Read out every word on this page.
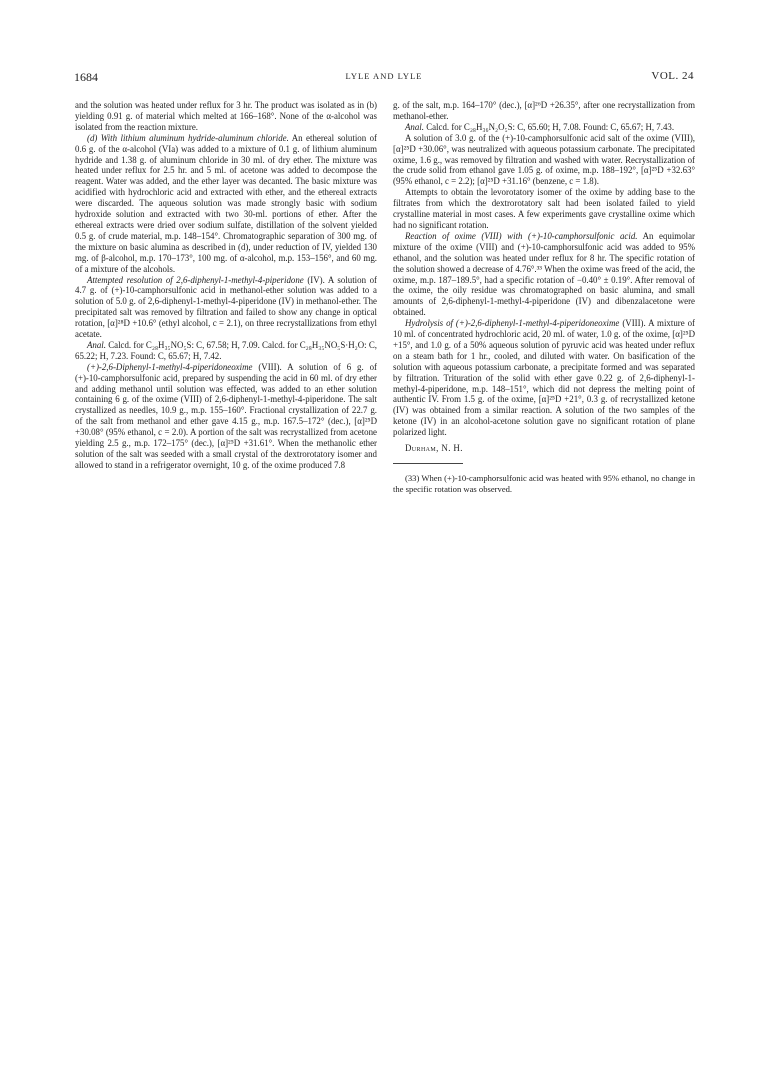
1684	LYLE AND LYLE	VOL. 24

and the solution was heated under reflux for 3 hr. The product was isolated as in (b) yielding 0.91 g. of material which melted at 166–168°. None of the α-alcohol was isolated from the reaction mixture.

(d) With lithium aluminum hydride-aluminum chloride. An ethereal solution of 0.6 g. of the α-alcohol (VIa) was added to a mixture of 0.1 g. of lithium aluminum hydride and 1.38 g. of aluminum chloride in 30 ml. of dry ether. The mixture was heated under reflux for 2.5 hr. and 5 ml. of acetone was added to decompose the reagent. Water was added, and the ether layer was decanted. The basic mixture was acidified with hydrochloric acid and extracted with ether, and the ethereal extracts were discarded. The aqueous solution was made strongly basic with sodium hydroxide solution and extracted with two 30-ml. portions of ether. After the ethereal extracts were dried over sodium sulfate, distillation of the solvent yielded 0.5 g. of crude material, m.p. 148–154°. Chromatographic separation of 300 mg. of the mixture on basic alumina as described in (d), under reduction of IV, yielded 130 mg. of β-alcohol, m.p. 170–173°, 100 mg. of α-alcohol, m.p. 153–156°, and 60 mg. of a mixture of the alcohols.

Attempted resolution of 2,6-diphenyl-1-methyl-4-piperidone (IV). A solution of 4.7 g. of (+)-10-camphorsulfonic acid in methanol-ether solution was added to a solution of 5.0 g. of 2,6-diphenyl-1-methyl-4-piperidone (IV) in methanol-ether. The precipitated salt was removed by filtration and failed to show any change in optical rotation, [α]²⁸D +10.6° (ethyl alcohol, c = 2.1), on three recrystallizations from ethyl acetate.

Anal. Calcd. for C₂₈H₃₅NO₅S: C, 67.58; H, 7.09. Calcd. for C₂₈H₃₅NO₅S·H₂O: C, 65.22; H, 7.23. Found: C, 65.67; H, 7.42.

(+)-2,6-Diphenyl-1-methyl-4-piperidoneoxime (VIII). A solution of 6 g. of (+)-10-camphorsulfonic acid, prepared by suspending the acid in 60 ml. of dry ether and adding methanol until solution was effected, was added to an ether solution containing 6 g. of the oxime (VIII) of 2,6-diphenyl-1-methyl-4-piperidone. The salt crystallized as needles, 10.9 g., m.p. 155–160°. Fractional crystallization of 22.7 g. of the salt from methanol and ether gave 4.15 g., m.p. 167.5–172° (dec.), [α]²⁵D +30.08° (95% ethanol, c = 2.0). A portion of the salt was recrystallized from acetone yielding 2.5 g., m.p. 172–175° (dec.), [α]²⁵D +31.61°. When the methanolic ether solution of the salt was seeded with a small crystal of the dextrorotatory isomer and allowed to stand in a refrigerator overnight, 10 g. of the oxime produced 7.8

g. of the salt, m.p. 164–170° (dec.), [α]²⁶D +26.35°, after one recrystallization from methanol-ether.

Anal. Calcd. for C₂₈H₃₆N₂O₅S: C, 65.60; H, 7.08. Found: C, 65.67; H, 7.43.

A solution of 3.0 g. of the (+)-10-camphorsulfonic acid salt of the oxime (VIII), [α]²⁵D +30.06°, was neutralized with aqueous potassium carbonate. The precipitated oxime, 1.6 g., was removed by filtration and washed with water. Recrystallization of the crude solid from ethanol gave 1.05 g. of oxime, m.p. 188–192°, [α]²⁵D +32.63° (95% ethanol, c = 2.2); [α]²⁵D +31.16° (benzene, c = 1.8).

Attempts to obtain the levorotatory isomer of the oxime by adding base to the filtrates from which the dextrorotatory salt had been isolated failed to yield crystalline material in most cases. A few experiments gave crystalline oxime which had no significant rotation.

Reaction of oxime (VIII) with (+)-10-camphorsulfonic acid. An equimolar mixture of the oxime (VIII) and (+)-10-camphorsulfonic acid was added to 95% ethanol, and the solution was heated under reflux for 8 hr. The specific rotation of the solution showed a decrease of 4.76°.³³ When the oxime was freed of the acid, the oxime, m.p. 187–189.5°, had a specific rotation of −0.40° ± 0.19°. After removal of the oxime, the oily residue was chromatographed on basic alumina, and small amounts of 2,6-diphenyl-1-methyl-4-piperidone (IV) and dibenzalacetone were obtained.

Hydrolysis of (+)-2,6-diphenyl-1-methyl-4-piperidoneoxime (VIII). A mixture of 10 ml. of concentrated hydrochloric acid, 20 ml. of water, 1.0 g. of the oxime, [α]²⁵D +15°, and 1.0 g. of a 50% aqueous solution of pyruvic acid was heated under reflux on a steam bath for 1 hr., cooled, and diluted with water. On basification of the solution with aqueous potassium carbonate, a precipitate formed and was separated by filtration. Trituration of the solid with ether gave 0.22 g. of 2,6-diphenyl-1-methyl-4-piperidone, m.p. 148–151°, which did not depress the melting point of authentic IV. From 1.5 g. of the oxime, [α]²⁵D +21°, 0.3 g. of recrystallized ketone (IV) was obtained from a similar reaction. A solution of the two samples of the ketone (IV) in an alcohol-acetone solution gave no significant rotation of plane polarized light.

Durham, N. H.

(33) When (+)-10-camphorsulfonic acid was heated with 95% ethanol, no change in the specific rotation was observed.
